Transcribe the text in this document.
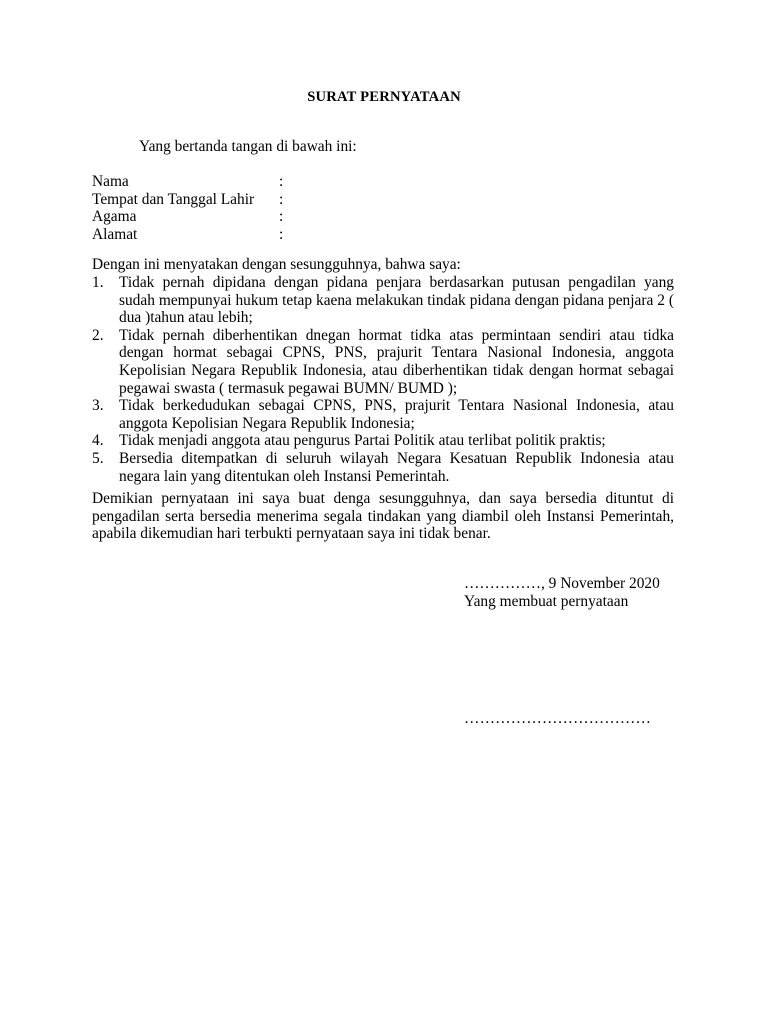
SURAT PERNYATAAN
Yang bertanda tangan di bawah ini:
Nama	:
Tempat dan Tanggal Lahir	:
Agama	:
Alamat	:
Dengan ini menyatakan dengan sesungguhnya, bahwa saya:
1.	Tidak pernah dipidana dengan pidana penjara berdasarkan putusan pengadilan yang sudah mempunyai hukum tetap kaena melakukan tindak pidana dengan pidana penjara 2 ( dua )tahun atau lebih;
2.	Tidak pernah diberhentikan dnegan hormat tidka atas permintaan sendiri atau tidka dengan hormat sebagai CPNS, PNS, prajurit Tentara Nasional Indonesia, anggota Kepolisian Negara Republik Indonesia, atau diberhentikan tidak dengan hormat sebagai pegawai swasta ( termasuk pegawai BUMN/ BUMD );
3.	Tidak berkedudukan sebagai CPNS, PNS, prajurit Tentara Nasional Indonesia, atau anggota Kepolisian Negara Republik Indonesia;
4.	Tidak menjadi anggota atau pengurus Partai Politik atau terlibat politik praktis;
5.	Bersedia ditempatkan di seluruh wilayah Negara Kesatuan Republik Indonesia atau negara lain yang ditentukan oleh Instansi Pemerintah.
Demikian pernyataan ini saya buat denga sesungguhnya, dan saya bersedia dituntut di pengadilan serta bersedia menerima segala tindakan yang diambil oleh Instansi Pemerintah, apabila dikemudian hari terbukti pernyataan saya ini tidak benar.
……………, 9 November 2020
Yang membuat pernyataan
………………………………
